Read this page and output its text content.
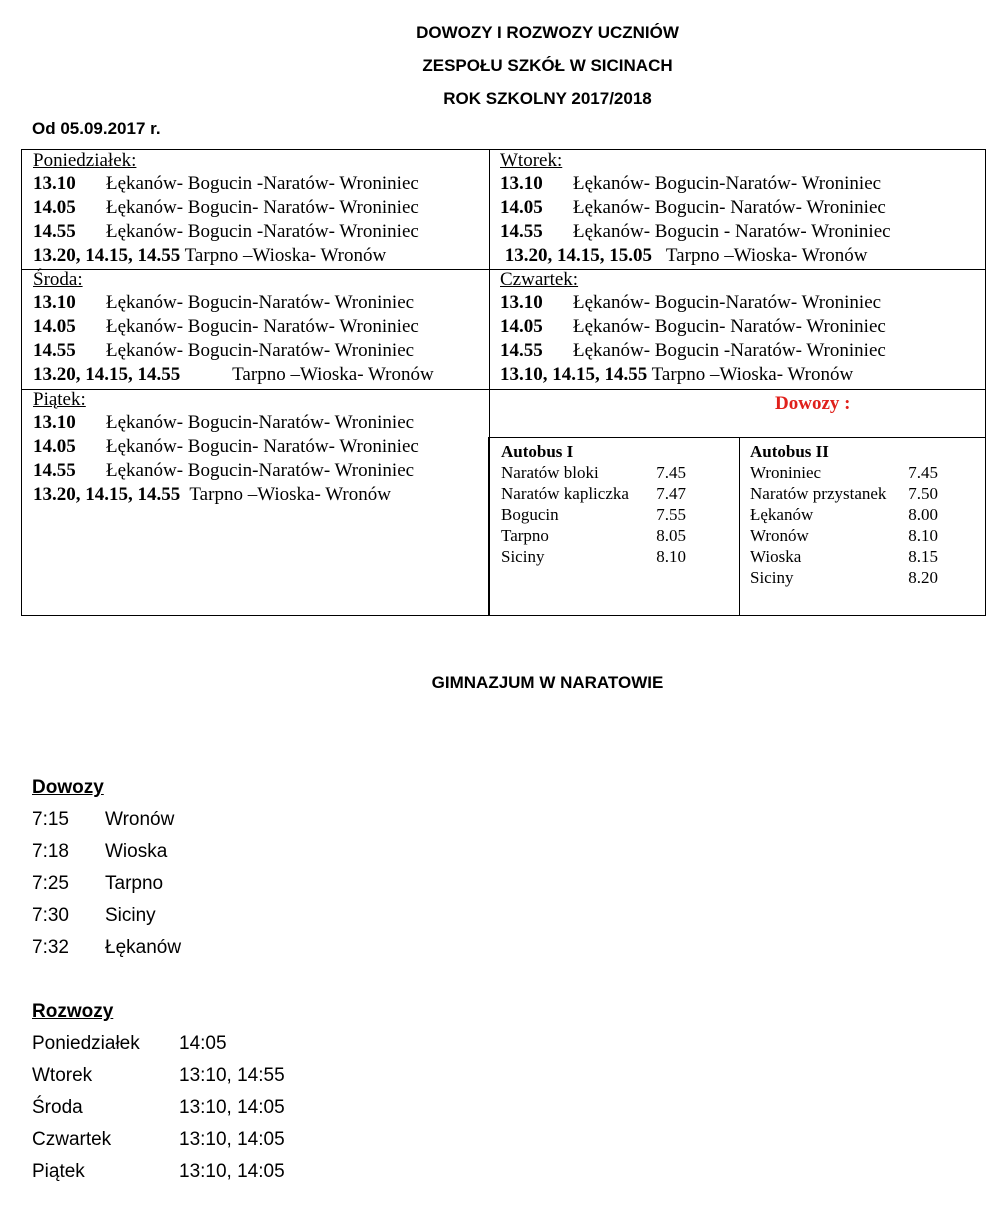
DOWOZY I ROZWOZY UCZNIÓW
ZESPOŁU SZKÓŁ W SICINACH
ROK SZKOLNY 2017/2018
Od 05.09.2017 r.
Poniedziałek:
13.10 Łękanów- Bogucin -Naratów- Wroniniec
14.05 Łękanów- Bogucin- Naratów- Wroniniec
14.55 Łękanów- Bogucin -Naratów- Wroniniec
13.20, 14.15, 14.55 Tarpno –Wioska- Wronów
Wtorek:
13.10 Łękanów- Bogucin-Naratów- Wroniniec
14.05 Łękanów- Bogucin- Naratów- Wroniniec
14.55 Łękanów- Bogucin - Naratów- Wroniniec
13.20, 14.15, 15.05   Tarpno –Wioska- Wronów
Środa:
13.10 Łękanów- Bogucin-Naratów- Wroniniec
14.05 Łękanów- Bogucin- Naratów- Wroniniec
14.55 Łękanów- Bogucin-Naratów- Wroniniec
13.20, 14.15, 14.55           Tarpno –Wioska- Wronów
Czwartek:
13.10 Łękanów- Bogucin-Naratów- Wroniniec
14.05 Łękanów- Bogucin- Naratów- Wroniniec
14.55 Łękanów- Bogucin -Naratów- Wroniniec
13.10, 14.15, 14.55 Tarpno –Wioska- Wronów
Piątek:
13.10 Łękanów- Bogucin-Naratów- Wroniniec
14.05 Łękanów- Bogucin- Naratów- Wroniniec
14.55 Łękanów- Bogucin-Naratów- Wroniniec
13.20, 14.15, 14.55  Tarpno –Wioska- Wronów
Dowozy :
Autobus I
Naratów bloki	7.45
Naratów kapliczka 7.47
Bogucin	7.55
Tarpno	8.05
Siciny	8.10
Autobus II
Wroniniec	7.45
Naratów przystanek 7.50
Łękanów	8.00
Wronów	8.10
Wioska	8.15
Siciny	8.20
GIMNAZJUM W NARATOWIE
Dowozy
7:15 Wronów
7:18 Wioska
7:25 Tarpno
7:30 Siciny
7:32 Łękanów
Rozwozy
Poniedziałek 14:05
Wtorek	13:10, 14:55
Środa	13:10, 14:05
Czwartek	13:10, 14:05
Piątek	13:10, 14:05
